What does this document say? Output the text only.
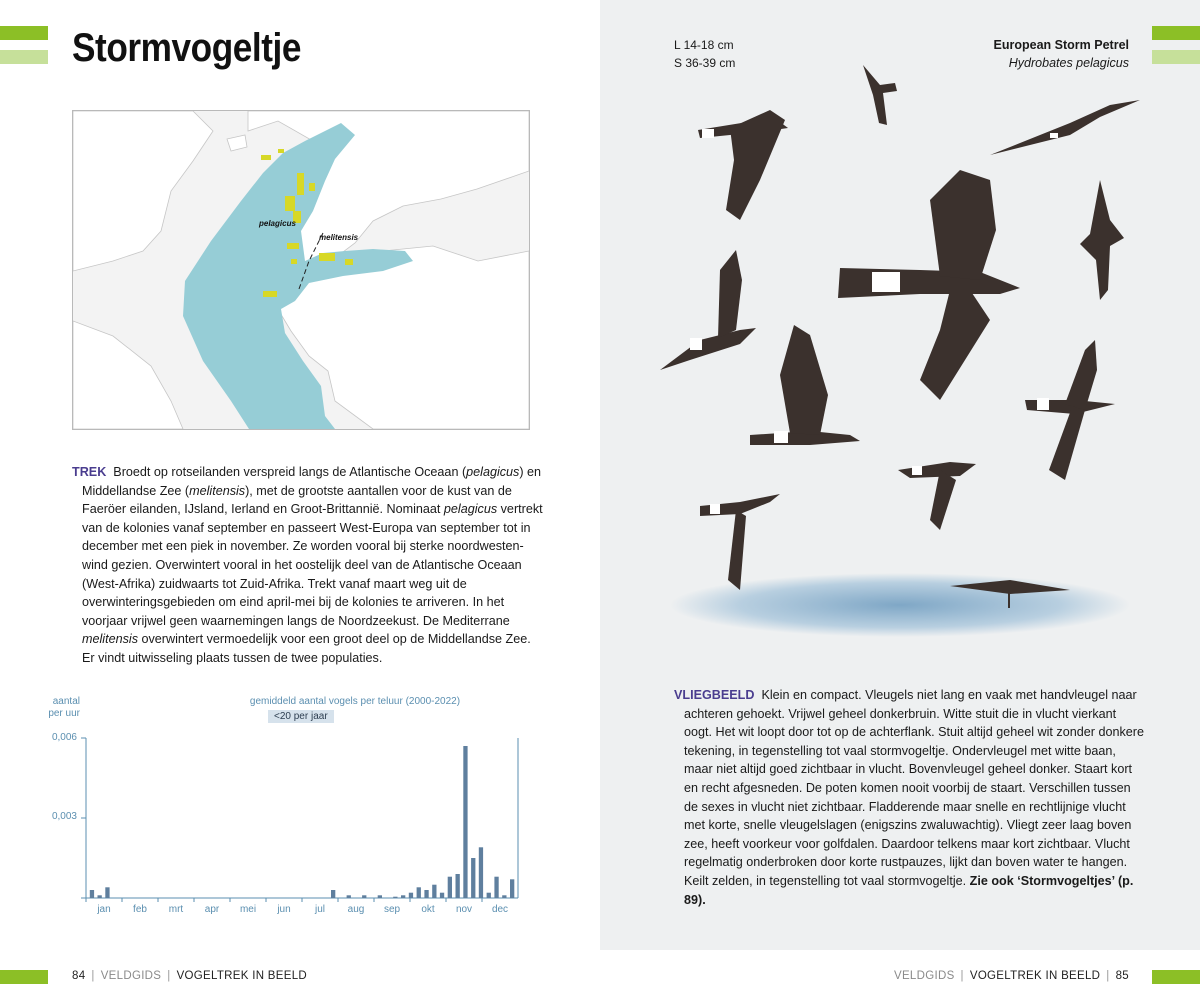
Stormvogeltje
pelagicus
melitensis

TREK Broedt op rotseilanden verspreid langs de Atlantische Oceaan (pelagicus) en Middellandse Zee (melitensis), met de grootste aantallen voor de kust van de Faeröer eilanden, IJsland, Ierland en Groot-Brittannië. Nominaat pelagicus vertrekt van de kolonies vanaf september en passeert West-Europa van september tot in december met een piek in november. Ze worden vooral bij sterke noordwesten- wind gezien. Overwintert vooral in het oostelijk deel van de Atlantische Oceaan (West-Afrika) zuidwaarts tot Zuid-Afrika. Trekt vanaf maart weg uit de overwinteringsgebieden om eind april-mei bij de kolonies te arriveren. In het voorjaar vrijwel geen waarnemingen langs de Noordzeekust. De Mediterrane melitensis overwintert vermoedelijk voor een groot deel op de Middellandse Zee. Er vindt uitwisseling plaats tussen de twee populaties.

aantal
per uur
gemiddeld aantal vogels per teluur (2000-2022)
<20 per jaar
0,006
0,003
jan	feb	mrt	apr	mei	jun	jul	aug	sep	okt	nov	dec
84 | VELDGIDS | VOGELTREK IN BEELD
L 14-18 cm
S 36-39 cm
European Storm Petrel
Hydrobates pelagicus

VLIEGBEELD Klein en compact. Vleugels niet lang en vaak met handvleugel naar achteren gehoekt. Vrijwel geheel donkerbruin. Witte stuit die in vlucht vierkant oogt. Het wit loopt door tot op de achterflank. Stuit altijd geheel wit zonder donkere tekening, in tegenstelling tot vaal stormvogeltje. Ondervleugel met witte baan, maar niet altijd goed zichtbaar in vlucht. Bovenvleugel geheel donker. Staart kort en recht afgesneden. De poten komen nooit voorbij de staart. Verschillen tussen de sexes in vlucht niet zichtbaar. Fladderende maar snelle en rechtlijnige vlucht met korte, snelle vleugelslagen (enigszins zwaluwachtig). Vliegt zeer laag boven zee, heeft voorkeur voor golfdalen. Daardoor telkens maar kort zichtbaar. Vlucht regelmatig onderbroken door korte rustpauzes, lijkt dan boven water te hangen. Keilt zelden, in tegenstelling tot vaal stormvogeltje. Zie ook ‘Stormvogeltjes’ (p. 89).

VELDGIDS | VOGELTREK IN BEELD | 85
